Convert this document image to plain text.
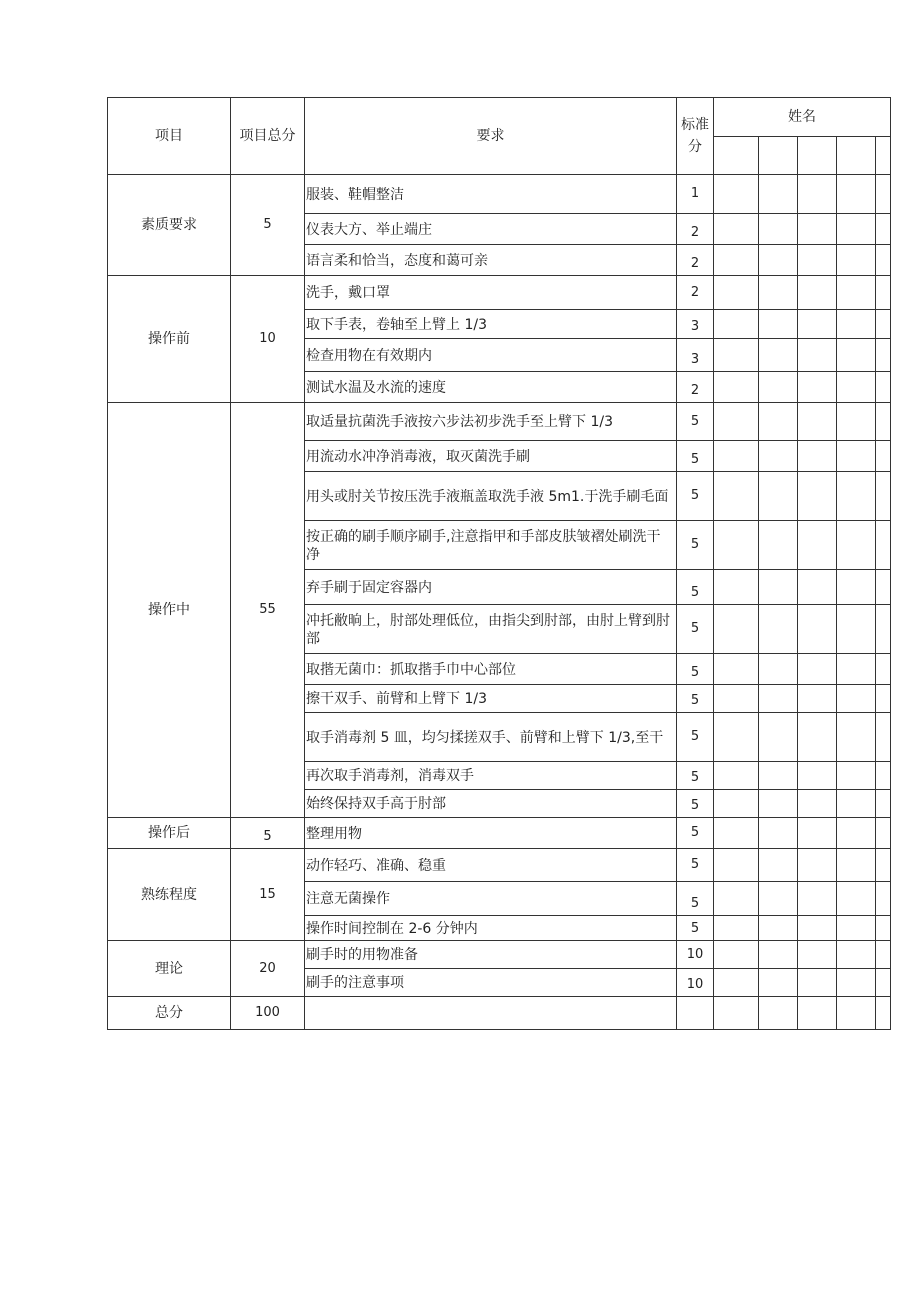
项目	项目总分	要求	标准分	姓名				

素质要求	5	服装、鞋帽整洁	1					
		仪表大方、举止端庄	2					
		语言柔和恰当，态度和蔼可亲	2					
操作前	10	洗手，戴口罩	2					
		取下手表，卷轴至上臂上 1/3	3					
		检查用物在有效期内	3					
		测试水温及水流的速度	2					
操作中	55	取适量抗菌洗手液按六步法初步洗手至上臂下 1/3	5					
		用流动水冲净消毒液，取灭菌洗手刷	5					
		用头或肘关节按压洗手液瓶盖取洗手液 5m1.于洗手刷毛面	5					
		按正确的刷手顺序刷手,注意指甲和手部皮肤皱褶处刷洗干净	5					
		弃手刷于固定容器内	5					
		冲托敝晌上，肘部处理低位，由指尖到肘部，由肘上臂到肘部	5					
		取揩无菌巾：抓取揩手巾中心部位	5					
		擦干双手、前臂和上臂下 1/3	5					
		取手消毒剂 5 皿，均匀揉搓双手、前臂和上臂下 1/3,至干	5					
		再次取手消毒剂，消毒双手	5					
		始终保持双手高于肘部	5					
操作后	5	整理用物	5					
熟练程度	15	动作轻巧、准确、稳重	5					
		注意无菌操作	5					
		操作时间控制在 2-6 分钟内	5					
理论	20	刷手时的用物准备	10					
		刷手的注意事项	10					
总分	100							
